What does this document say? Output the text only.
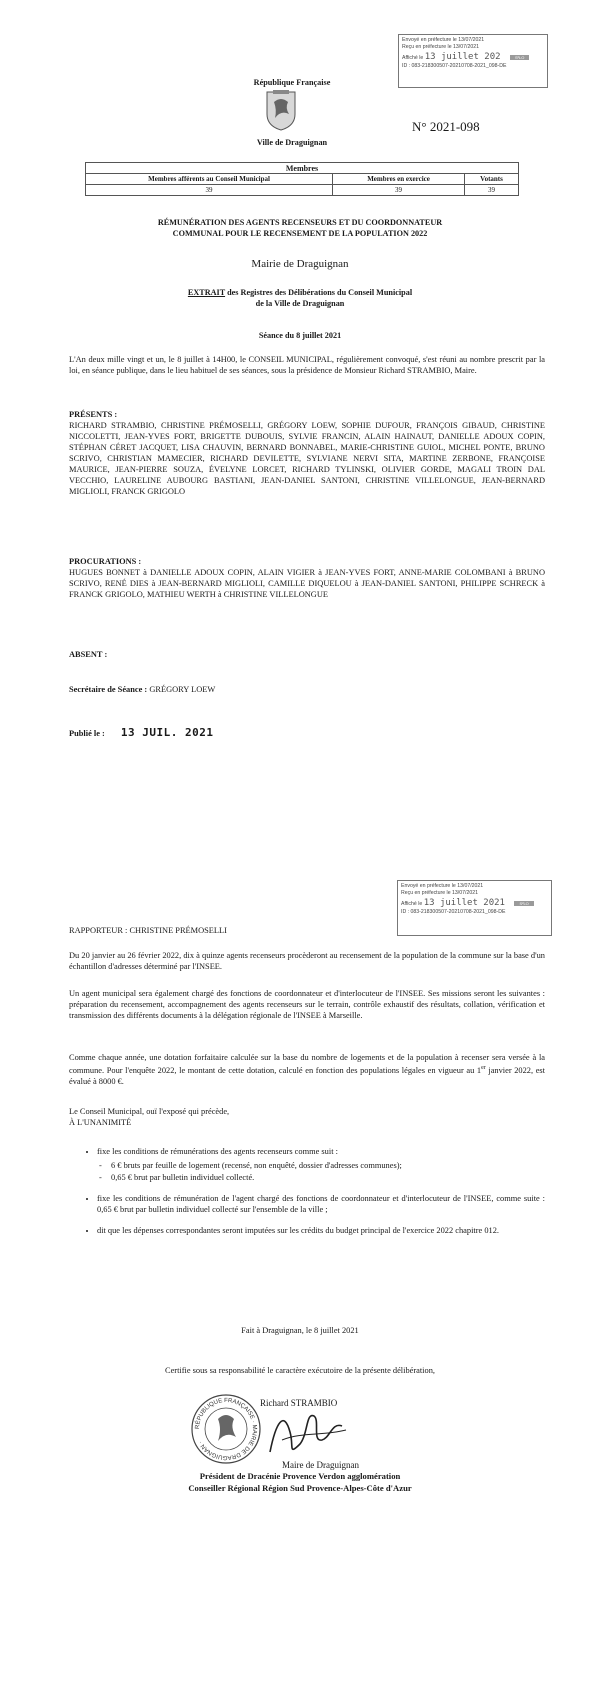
Envoyé en préfecture le 13/07/2021
Reçu en préfecture le 13/07/2021
Affiché le 13 juillet 202	S²LO
ID : 083-218300507-20210708-2021_098-DE
République Française
Ville de Draguignan
N° 2021-098
Membres		
Membres afférents au Conseil Municipal	Membres en exercice	Votants
39	39	39
RÉMUNÉRATION DES AGENTS RECENSEURS ET DU COORDONNATEUR
COMMUNAL POUR LE RECENSEMENT DE LA POPULATION 2022
Mairie de Draguignan
EXTRAIT des Registres des Délibérations du Conseil Municipal
de la Ville de Draguignan
Séance du 8 juillet 2021
L'An deux mille vingt et un, le 8 juillet à 14H00, le CONSEIL MUNICIPAL, régulièrement convoqué, s'est réuni au nombre prescrit par la loi, en séance publique, dans le lieu habituel de ses séances, sous la présidence de Monsieur Richard STRAMBIO, Maire.
PRÉSENTS :
RICHARD STRAMBIO, CHRISTINE PRÉMOSELLI, GRÉGORY LOEW, SOPHIE DUFOUR, FRANÇOIS GIBAUD, CHRISTINE NICCOLETTI, JEAN-YVES FORT, BRIGETTE DUBOUIS, SYLVIE FRANCIN, ALAIN HAINAUT, DANIELLE ADOUX COPIN, STÉPHAN CÉRET JACQUET, LISA CHAUVIN, BERNARD BONNABEL, MARIE-CHRISTINE GUIOL, MICHEL PONTE, BRUNO SCRIVO, CHRISTIAN MAMECIER, RICHARD DEVILETTE, SYLVIANE NERVI SITA, MARTINE ZERBONE, FRANÇOISE MAURICE, JEAN-PIERRE SOUZA, ÉVELYNE LORCET, RICHARD TYLINSKI, OLIVIER GORDE, MAGALI TROIN DAL VECCHIO, LAURELINE AUBOURG BASTIANI, JEAN-DANIEL SANTONI, CHRISTINE VILLELONGUE, JEAN-BERNARD MIGLIOLI, FRANCK GRIGOLO
PROCURATIONS :
HUGUES BONNET à DANIELLE ADOUX COPIN, ALAIN VIGIER à JEAN-YVES FORT, ANNE-MARIE COLOMBANI à BRUNO SCRIVO, RENÉ DIES à JEAN-BERNARD MIGLIOLI, CAMILLE DIQUELOU à JEAN-DANIEL SANTONI, PHILIPPE SCHRECK à FRANCK GRIGOLO, MATHIEU WERTH à CHRISTINE VILLELONGUE
ABSENT :
Secrétaire de Séance : GRÉGORY LOEW
Publié le : 13 JUIL. 2021
Envoyé en préfecture le 13/07/2021
Reçu en préfecture le 13/07/2021
Affiché le 13 juillet 2021	S²LO
ID : 083-218300507-20210708-2021_098-DE
RAPPORTEUR : CHRISTINE PRÉMOSELLI
Du 20 janvier au 26 février 2022, dix à quinze agents recenseurs procèderont au recensement de la population de la commune sur la base d'un échantillon d'adresses déterminé par l'INSEE.
Un agent municipal sera également chargé des fonctions de coordonnateur et d'interlocuteur de l'INSEE. Ses missions seront les suivantes : préparation du recensement, accompagnement des agents recenseurs sur le terrain, contrôle exhaustif des résultats, collation, vérification et transmission des différents documents à la délégation régionale de l'INSEE à Marseille.
Comme chaque année, une dotation forfaitaire calculée sur la base du nombre de logements et de la population à recenser sera versée à la commune. Pour l'enquête 2022, le montant de cette dotation, calculé en fonction des populations légales en vigueur au 1er janvier 2022, est évalué à 8000 €.
Le Conseil Municipal, ouï l'exposé qui précède,
À L'UNANIMITÉ
• fixe les conditions de rémunérations des agents recenseurs comme suit :
- 6 € bruts par feuille de logement (recensé, non enquêté, dossier d'adresses communes);
- 0,65 € brut par bulletin individuel collecté.
• fixe les conditions de rémunération de l'agent chargé des fonctions de coordonnateur et d'interlocuteur de l'INSEE, comme suite : 0,65 € brut par bulletin individuel collecté sur l'ensemble de la ville ;
• dit que les dépenses correspondantes seront imputées sur les crédits du budget principal de l'exercice 2022 chapitre 012.
Fait à Draguignan, le 8 juillet 2021
Certifie sous sa responsabilité le caractère exécutoire de la présente délibération,
RÉPUBLIQUE FRANÇAISE · MAIRIE DE DRAGUIGNAN ·
Richard STRAMBIO
Maire de Draguignan
Président de Dracénie Provence Verdon agglomération
Conseiller Régional Région Sud Provence-Alpes-Côte d'Azur
